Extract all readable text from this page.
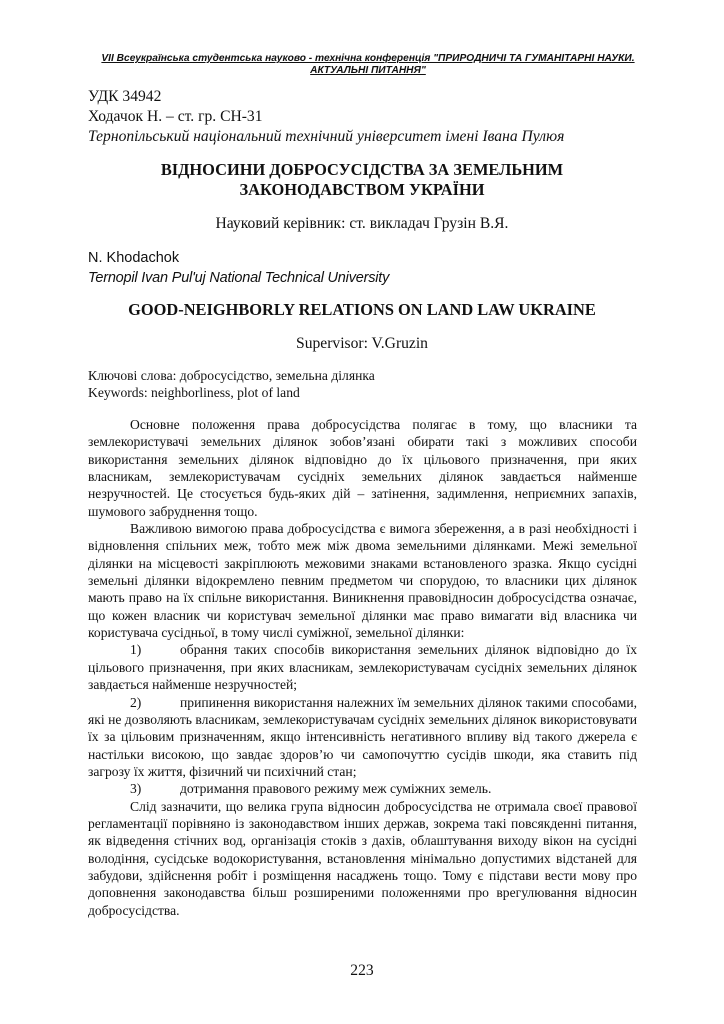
VII Всеукраїнська студентська науково - технічна конференція "ПРИРОДНИЧІ ТА ГУМАНІТАРНІ НАУКИ. АКТУАЛЬНІ ПИТАННЯ"
УДК 34942
Ходачок Н. – ст. гр. СН-31
Тернопільський національний технічний університет імені Івана Пулюя
ВІДНОСИНИ ДОБРОСУСІДСТВА ЗА ЗЕМЕЛЬНИМ
ЗАКОНОДАВСТВОМ УКРАЇНИ
Науковий керівник: ст. викладач Грузін В.Я.
N. Khodachok
Ternopil Ivan Pul'uj National Technical University
GOOD-NEIGHBORLY RELATIONS ON LAND LAW UKRAINE
Supervisor: V.Gruzin
Ключові слова: добросусідство, земельна ділянка
Keywords: neighborliness, plot of land

Основне положення права добросусідства полягає в тому, що власники та землекористувачі земельних ділянок зобов’язані обирати такі з можливих способи використання земельних ділянок відповідно до їх цільового призначення, при яких власникам, землекористувачам сусідніх земельних ділянок завдається найменше незручностей. Це стосується будь-яких дій – затінення, задимлення, неприємних запахів, шумового забруднення тощо.

Важливою вимогою права добросусідства є вимога збереження, а в разі необхідності і відновлення спільних меж, тобто меж між двома земельними ділянками. Межі земельної ділянки на місцевості закріплюють межовими знаками встановленого зразка. Якщо сусідні земельні ділянки відокремлено певним предметом чи спорудою, то власники цих ділянок мають право на їх спільне використання. Виникнення правовідносин добросусідства означає, що кожен власник чи користувач земельної ділянки має право вимагати від власника чи користувача сусідньої, в тому числі суміжної, земельної ділянки:

1)	обрання таких способів використання земельних ділянок відповідно до їх цільового призначення, при яких власникам, землекористувачам сусідніх земельних ділянок завдається найменше незручностей;

2)	припинення використання належних їм земельних ділянок такими способами, які не дозволяють власникам, землекористувачам сусідніх земельних ділянок використовувати їх за цільовим призначенням, якщо інтенсивність негативного впливу від такого джерела є настільки високою, що завдає здоров’ю чи самопочуттю сусідів шкоди, яка ставить під загрозу їх життя, фізичний чи психічний стан;

3)	дотримання правового режиму меж суміжних земель.

Слід зазначити, що велика група відносин добросусідства не отримала своєї правової регламентації порівняно із законодавством інших держав, зокрема такі повсякденні питання, як відведення стічних вод, організація стоків з дахів, облаштування виходу вікон на сусідні володіння, сусідське водокористування, встановлення мінімально допустимих відстаней для забудови, здійснення робіт і розміщення насаджень тощо. Тому є підстави вести мову про доповнення законодавства більш розширеними положеннями про врегулювання відносин добросусідства.

223
